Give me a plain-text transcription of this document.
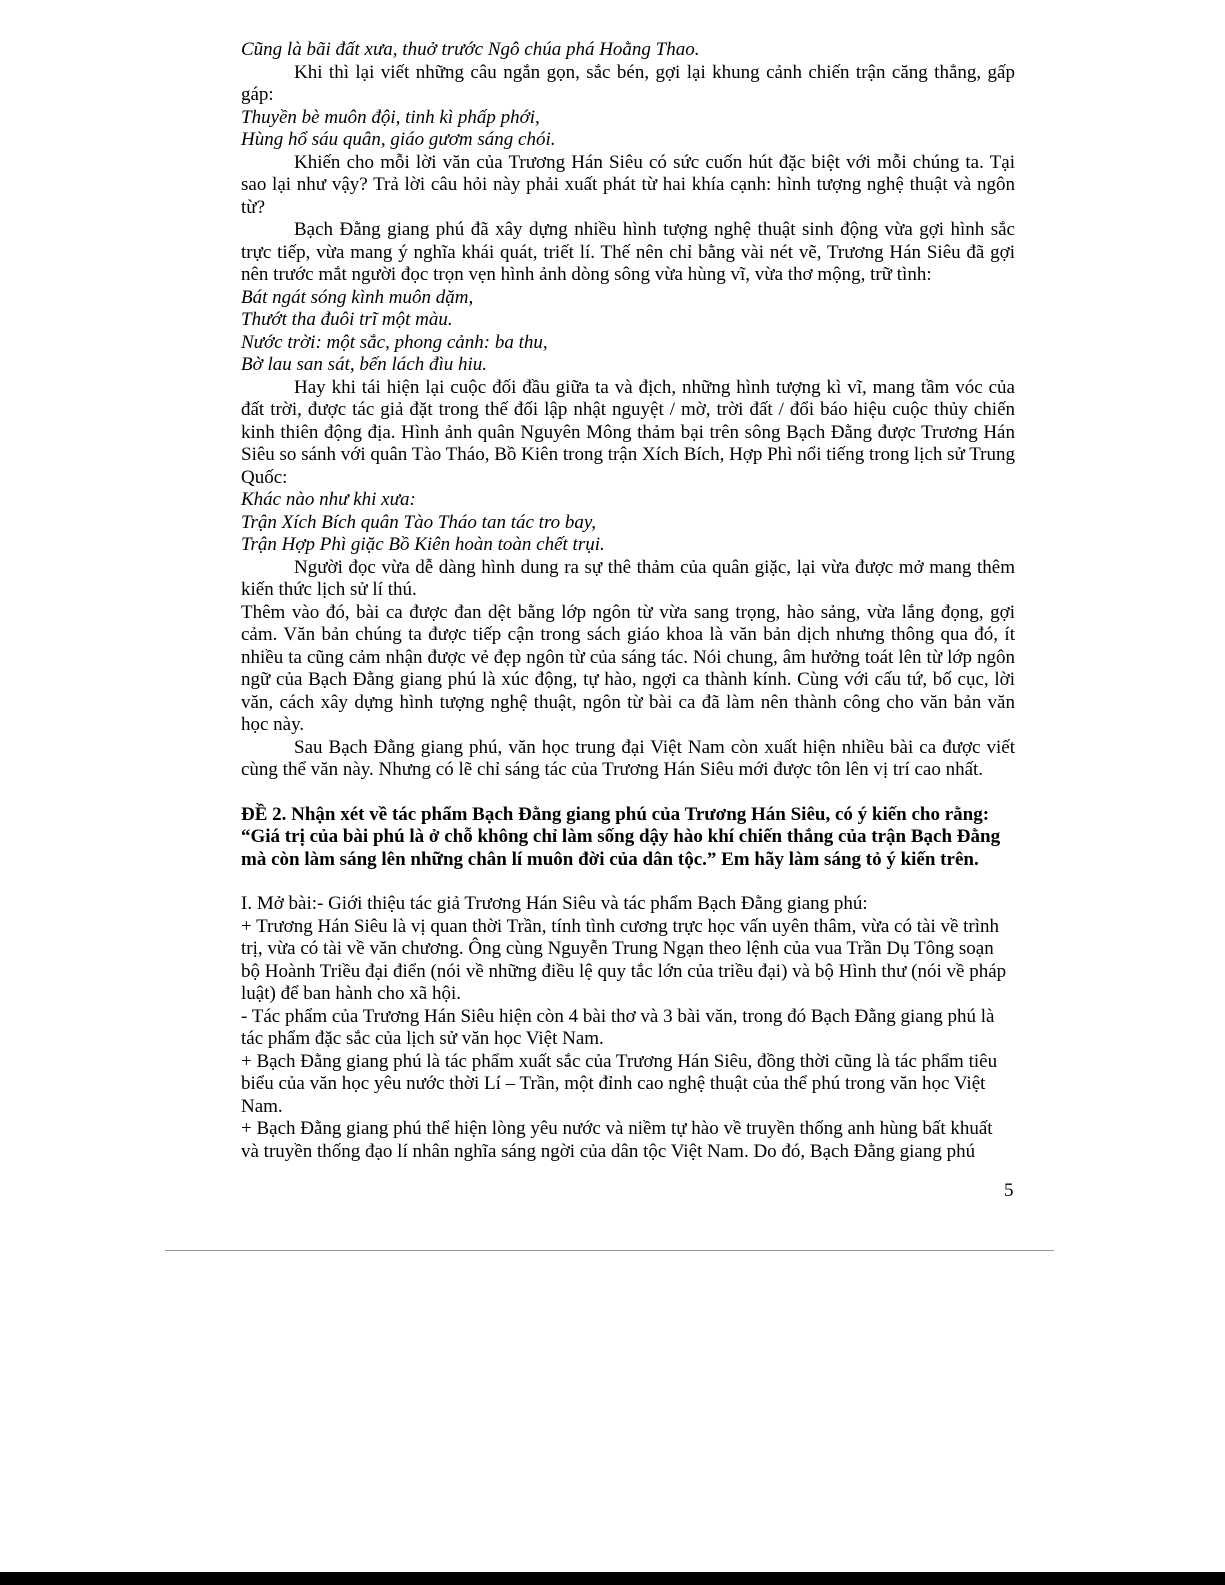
Cũng là bãi đất xưa, thuở trước Ngô chúa phá Hoằng Thao.

Khi thì lại viết những câu ngắn gọn, sắc bén, gợi lại khung cảnh chiến trận căng thẳng, gấp gáp:

Thuyền bè muôn đội, tinh kì phấp phới,

Hùng hổ sáu quân, giáo gươm sáng chói.

Khiến cho mỗi lời văn của Trương Hán Siêu có sức cuốn hút đặc biệt với mỗi chúng ta. Tại sao lại như vậy? Trả lời câu hỏi này phải xuất phát từ hai khía cạnh: hình tượng nghệ thuật và ngôn từ?

Bạch Đằng giang phú đã xây dựng nhiều hình tượng nghệ thuật sinh động vừa gợi hình sắc trực tiếp, vừa mang ý nghĩa khái quát, triết lí. Thế nên chỉ bằng vài nét vẽ, Trương Hán Siêu đã gợi nên trước mắt người đọc trọn vẹn hình ảnh dòng sông vừa hùng vĩ, vừa thơ mộng, trữ tình:

Bát ngát sóng kình muôn dặm,

Thướt tha đuôi trĩ một màu.

Nước trời: một sắc, phong cảnh: ba thu,

Bờ lau san sát, bến lách đìu hiu.

Hay khi tái hiện lại cuộc đối đầu giữa ta và địch, những hình tượng kì vĩ, mang tầm vóc của đất trời, được tác giả đặt trong thế đối lập nhật nguyệt / mờ, trời đất / đổi báo hiệu cuộc thủy chiến kinh thiên động địa. Hình ảnh quân Nguyên Mông thảm bại trên sông Bạch Đằng được Trương Hán Siêu so sánh với quân Tào Tháo, Bồ Kiên trong trận Xích Bích, Hợp Phì nổi tiếng trong lịch sử Trung Quốc:

Khác nào như khi xưa:

Trận Xích Bích quân Tào Tháo tan tác tro bay,

Trận Hợp Phì giặc Bồ Kiên hoàn toàn chết trụi.

Người đọc vừa dễ dàng hình dung ra sự thê thảm của quân giặc, lại vừa được mở mang thêm kiến thức lịch sử lí thú.

Thêm vào đó, bài ca được đan dệt bằng lớp ngôn từ vừa sang trọng, hào sảng, vừa lắng đọng, gợi cảm. Văn bản chúng ta được tiếp cận trong sách giáo khoa là văn bản dịch nhưng thông qua đó, ít nhiều ta cũng cảm nhận được vẻ đẹp ngôn từ của sáng tác. Nói chung, âm hưởng toát lên từ lớp ngôn ngữ của Bạch Đằng giang phú là xúc động, tự hào, ngợi ca thành kính. Cùng với cấu tứ, bố cục, lời văn, cách xây dựng hình tượng nghệ thuật, ngôn từ bài ca đã làm nên thành công cho văn bản văn học này.

Sau Bạch Đằng giang phú, văn học trung đại Việt Nam còn xuất hiện nhiều bài ca được viết cùng thể văn này. Nhưng có lẽ chỉ sáng tác của Trương Hán Siêu mới được tôn lên vị trí cao nhất.

ĐỀ 2. Nhận xét về tác phẩm Bạch Đằng giang phú của Trương Hán Siêu, có ý kiến cho rằng: “Giá trị của bài phú là ở chỗ không chỉ làm sống dậy hào khí chiến thắng của trận Bạch Đằng mà còn làm sáng lên những chân lí muôn đời của dân tộc.” Em hãy làm sáng tỏ ý kiến trên.

I. Mở bài:- Giới thiệu tác giả Trương Hán Siêu và tác phẩm Bạch Đằng giang phú:

+ Trương Hán Siêu là vị quan thời Trần, tính tình cương trực học vấn uyên thâm, vừa có tài về trình trị, vừa có tài về văn chương. Ông cùng Nguyễn Trung Ngạn theo lệnh của vua Trần Dụ Tông soạn bộ Hoành Triều đại điển (nói về những điều lệ quy tắc lớn của triều đại) và bộ Hình thư (nói về pháp luật) để ban hành cho xã hội.

- Tác phẩm của Trương Hán Siêu hiện còn 4 bài thơ và 3 bài văn, trong đó Bạch Đằng giang phú là tác phẩm đặc sắc của lịch sử văn học Việt Nam.

+ Bạch Đằng giang phú là tác phẩm xuất sắc của Trương Hán Siêu, đồng thời cũng là tác phẩm tiêu biểu của văn học yêu nước thời Lí – Trần, một đỉnh cao nghệ thuật của thể phú trong văn học Việt Nam.

+ Bạch Đằng giang phú thể hiện lòng yêu nước và niềm tự hào về truyền thống anh hùng bất khuất và truyền thống đạo lí nhân nghĩa sáng ngời của dân tộc Việt Nam. Do đó, Bạch Đằng giang phú

5
